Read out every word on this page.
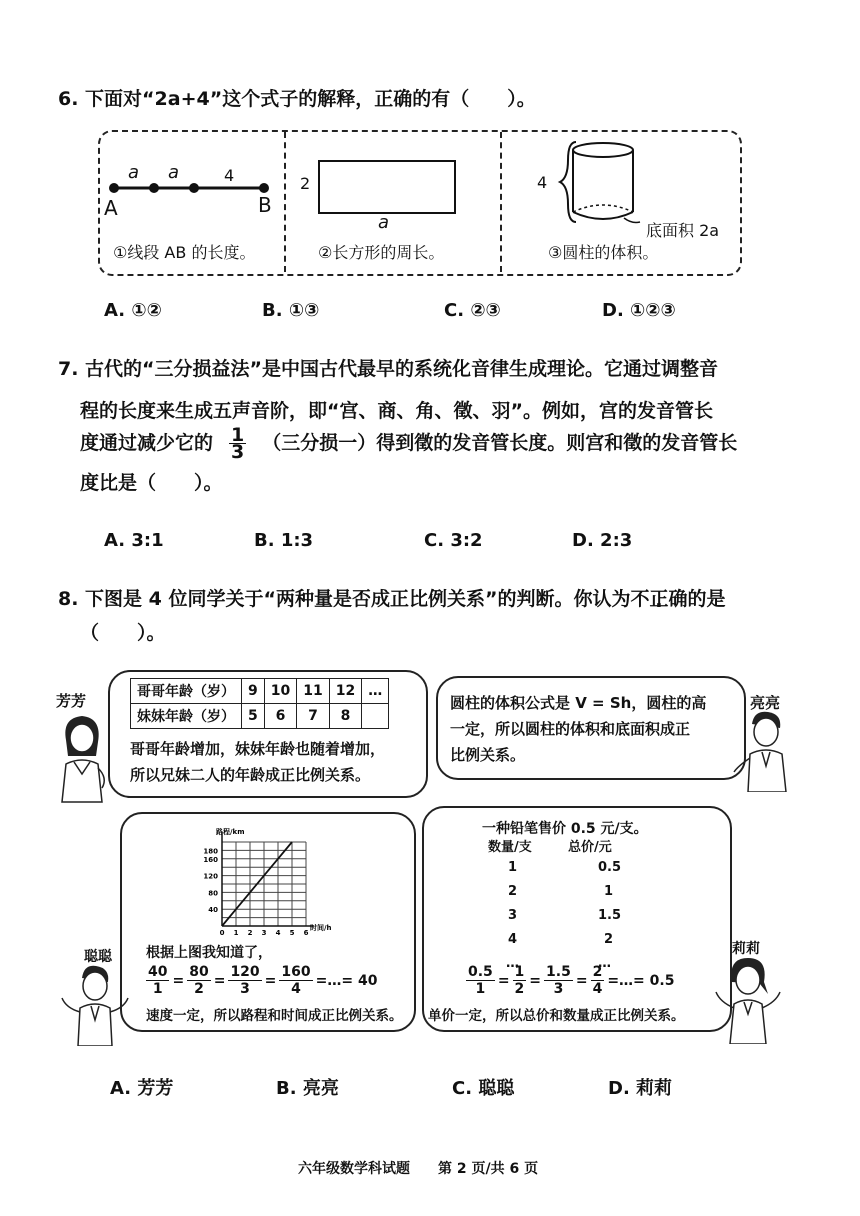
6. 下面对“2a+4”这个式子的解释，正确的有（　　）。
a a	4
A	B
①线段 AB 的长度。
2
a
②长方形的周长。
4
底面积 2a
③圆柱的体积。
A. ①②	B. ①③	C. ②③	D. ①②③
7. 古代的“三分损益法”是中国古代最早的系统化音律生成理论。它通过调整音
程的长度来生成五声音阶，即“宫、商、角、徵、羽”。例如，宫的发音管长
度通过减少它的 $\frac{1}{3}$ （三分损一）得到徵的发音管长度。则宫和徵的发音管长
度比是（　　）。
A. 3:1	B. 1:3	C. 3:2	D. 2:3
8. 下图是 4 位同学关于“两种量是否成正比例关系”的判断。你认为不正确的是
（　　）。
芳芳	哥哥年龄（岁）	9	10	11	12	…
妹妹年龄（岁）	5	6	7	8	
哥哥年龄增加，妹妹年龄也随着增加，
所以兄妹二人的年龄成正比例关系。
圆柱的体积公式是 V = Sh，圆柱的高
一定，所以圆柱的体积和底面积成正
比例关系。
亮亮
180
160
120
80
40
0 1 2 3 4 5 6
路程/km
时间/h
根据上图我知道了，
$\frac{40}{1} = \frac{80}{2} = \frac{120}{3} = \frac{160}{4}$ =…= 40
速度一定，所以路程和时间成正比例关系。
聪聪
一种铅笔售价 0.5 元/支。
数量/支	总价/元
1	0.5
2	1
3	1.5
4	2
…	…
$\frac{0.5}{1} = \frac{1}{2} = \frac{1.5}{3} = \frac{2}{4}$ =…= 0.5
单价一定，所以总价和数量成正比例关系。
莉莉
A. 芳芳	B. 亮亮	C. 聪聪	D. 莉莉
六年级数学科试题　　第 2 页/共 6 页
